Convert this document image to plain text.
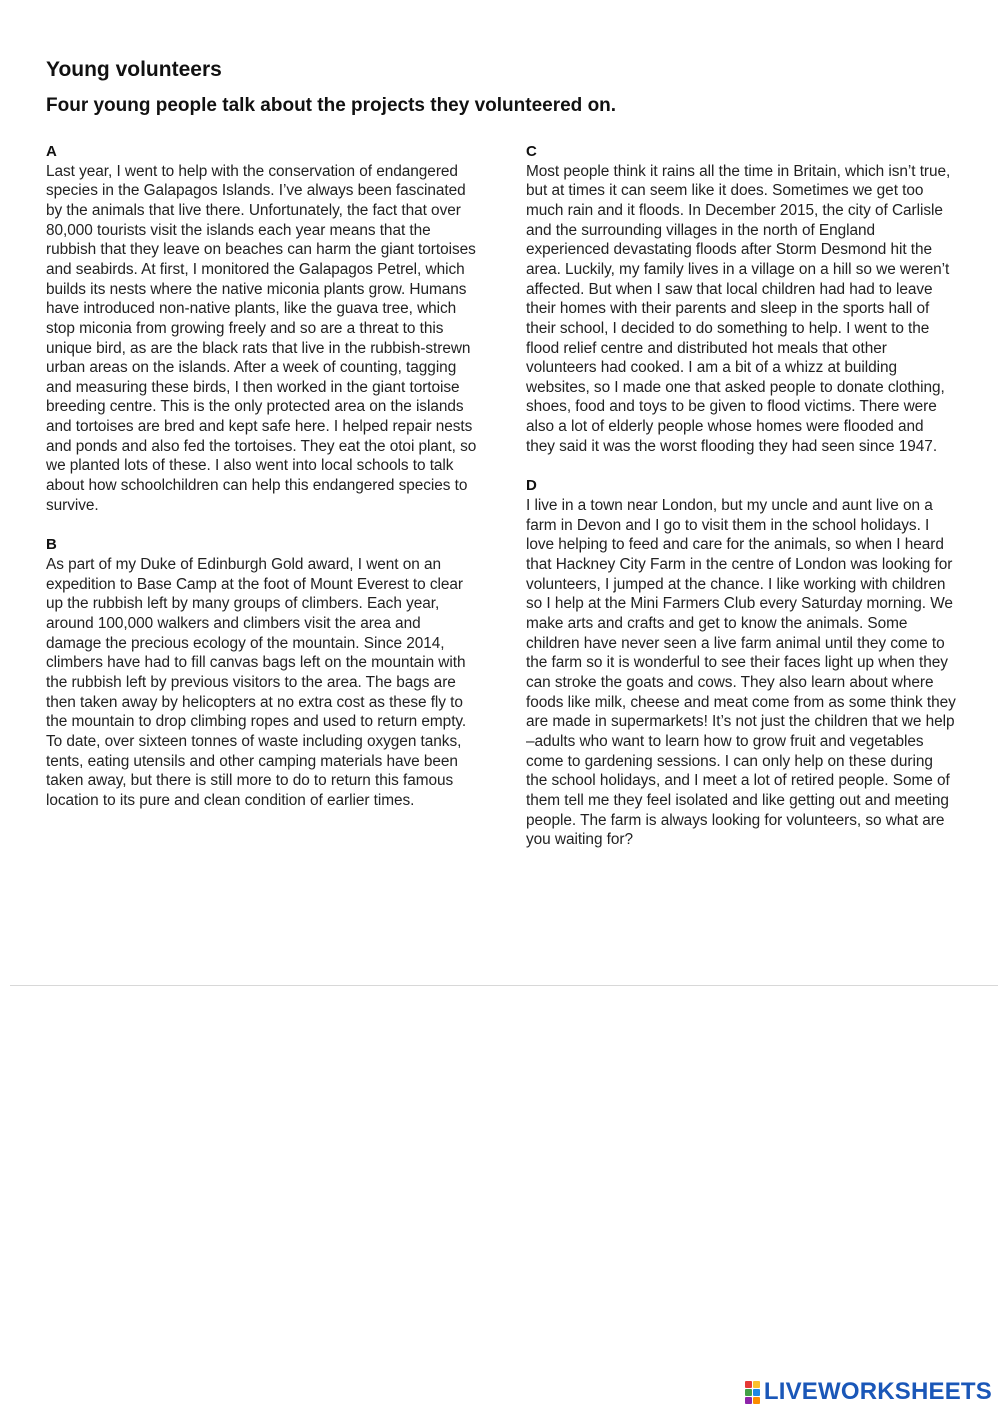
Young volunteers
Four young people talk about the projects they volunteered on.

A

Last year, I went to help with the conservation of endangered species in the Galapagos Islands. I’ve always been fascinated by the animals that live there. Unfortunately, the fact that over 80,000 tourists visit the islands each year means that the rubbish that they leave on beaches can harm the giant tortoises and seabirds. At first, I monitored the Galapagos Petrel, which builds its nests where the native miconia plants grow. Humans have introduced non-native plants, like the guava tree, which stop miconia from growing freely and so are a threat to this unique bird, as are the black rats that live in the rubbish-strewn urban areas on the islands. After a week of counting, tagging and measuring these birds, I then worked in the giant tortoise breeding centre. This is the only protected area on the islands and tortoises are bred and kept safe here. I helped repair nests and ponds and also fed the tortoises. They eat the otoi plant, so we planted lots of these. I also went into local schools to talk about how schoolchildren can help this endangered species to survive.

B

As part of my Duke of Edinburgh Gold award, I went on an expedition to Base Camp at the foot of Mount Everest to clear up the rubbish left by many groups of climbers. Each year, around 100,000 walkers and climbers visit the area and damage the precious ecology of the mountain. Since 2014, climbers have had to fill canvas bags left on the mountain with the rubbish left by previous visitors to the area. The bags are then taken away by helicopters at no extra cost as these fly to the mountain to drop climbing ropes and used to return empty. To date, over sixteen tonnes of waste including oxygen tanks, tents, eating utensils and other camping materials have been taken away, but there is still more to do to return this famous location to its pure and clean condition of earlier times.

C

Most people think it rains all the time in Britain, which isn’t true, but at times it can seem like it does. Sometimes we get too much rain and it floods. In December 2015, the city of Carlisle and the surrounding villages in the north of England experienced devastating floods after Storm Desmond hit the area. Luckily, my family lives in a village on a hill so we weren’t affected. But when I saw that local children had had to leave their homes with their parents and sleep in the sports hall of their school, I decided to do something to help. I went to the flood relief centre and distributed hot meals that other volunteers had cooked. I am a bit of a whizz at building websites, so I made one that asked people to donate clothing, shoes, food and toys to be given to flood victims. There were also a lot of elderly people whose homes were flooded and they said it was the worst flooding they had seen since 1947.

D

I live in a town near London, but my uncle and aunt live on a farm in Devon and I go to visit them in the school holidays. I love helping to feed and care for the animals, so when I heard that Hackney City Farm in the centre of London was looking for volunteers, I jumped at the chance. I like working with children so I help at the Mini Farmers Club every Saturday morning. We make arts and crafts and get to know the animals. Some children have never seen a live farm animal until they come to the farm so it is wonderful to see their faces light up when they can stroke the goats and cows. They also learn about where foods like milk, cheese and meat come from as some think they are made in supermarkets! It’s not just the children that we help –adults who want to learn how to grow fruit and vegetables come to gardening sessions. I can only help on these during the school holidays, and I meet a lot of retired people. Some of them tell me they feel isolated and like getting out and meeting people. The farm is always looking for volunteers, so what are you waiting for?

LIVEWORKSHEETS
